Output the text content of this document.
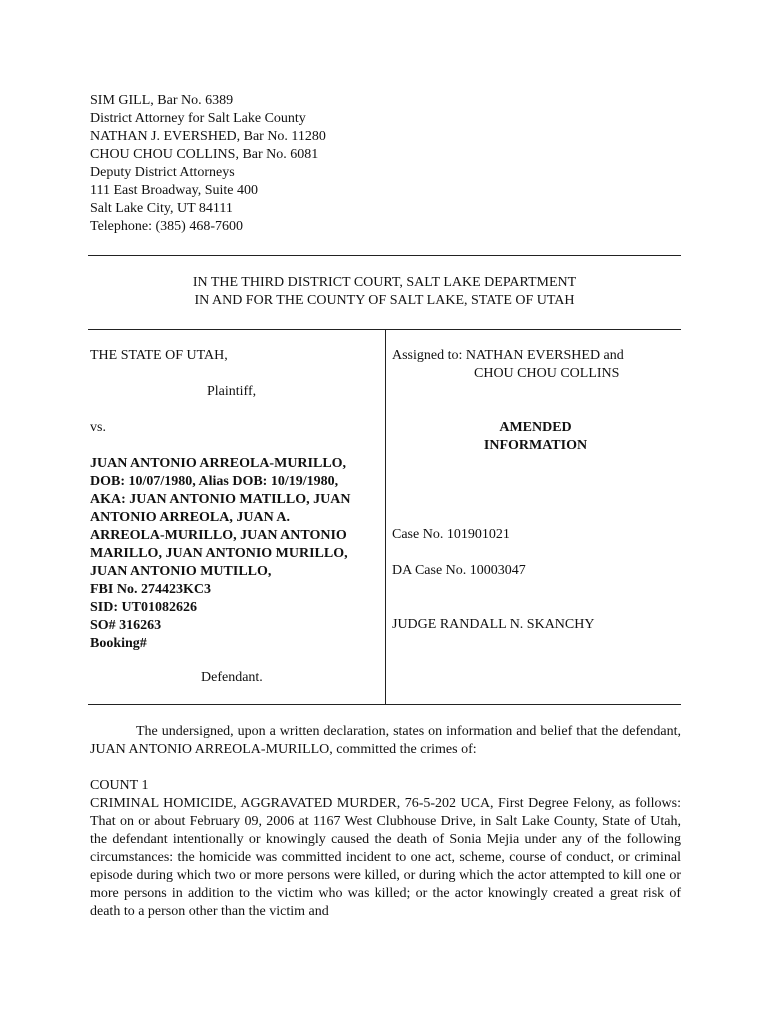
SIM GILL, Bar No. 6389
District Attorney for Salt Lake County
NATHAN J. EVERSHED, Bar No. 11280
CHOU CHOU COLLINS, Bar No. 6081
Deputy District Attorneys
111 East Broadway, Suite 400
Salt Lake City, UT 84111
Telephone: (385) 468-7600
IN THE THIRD DISTRICT COURT, SALT LAKE DEPARTMENT
IN AND FOR THE COUNTY OF SALT LAKE, STATE OF UTAH
THE STATE OF UTAH,
Plaintiff,
vs.
JUAN ANTONIO ARREOLA-MURILLO,
DOB: 10/07/1980, Alias DOB: 10/19/1980,
AKA: JUAN ANTONIO MATILLO, JUAN
ANTONIO ARREOLA, JUAN A.
ARREOLA-MURILLO, JUAN ANTONIO
MARILLO, JUAN ANTONIO MURILLO,
JUAN ANTONIO MUTILLO,
FBI No. 274423KC3
SID: UT01082626
SO# 316263
Booking#
Defendant.
Assigned to: NATHAN EVERSHED and
CHOU CHOU COLLINS
AMENDED
INFORMATION
Case No. 101901021
DA Case No. 10003047
JUDGE RANDALL N. SKANCHY
The undersigned, upon a written declaration, states on information and belief that the defendant, JUAN ANTONIO ARREOLA-MURILLO, committed the crimes of:
COUNT 1
CRIMINAL HOMICIDE, AGGRAVATED MURDER, 76-5-202 UCA, First Degree Felony, as follows: That on or about February 09, 2006 at 1167 West Clubhouse Drive, in Salt Lake County, State of Utah, the defendant intentionally or knowingly caused the death of Sonia Mejia under any of the following circumstances: the homicide was committed incident to one act, scheme, course of conduct, or criminal episode during which two or more persons were killed, or during which the actor attempted to kill one or more persons in addition to the victim who was killed; or the actor knowingly created a great risk of death to a person other than the victim and
